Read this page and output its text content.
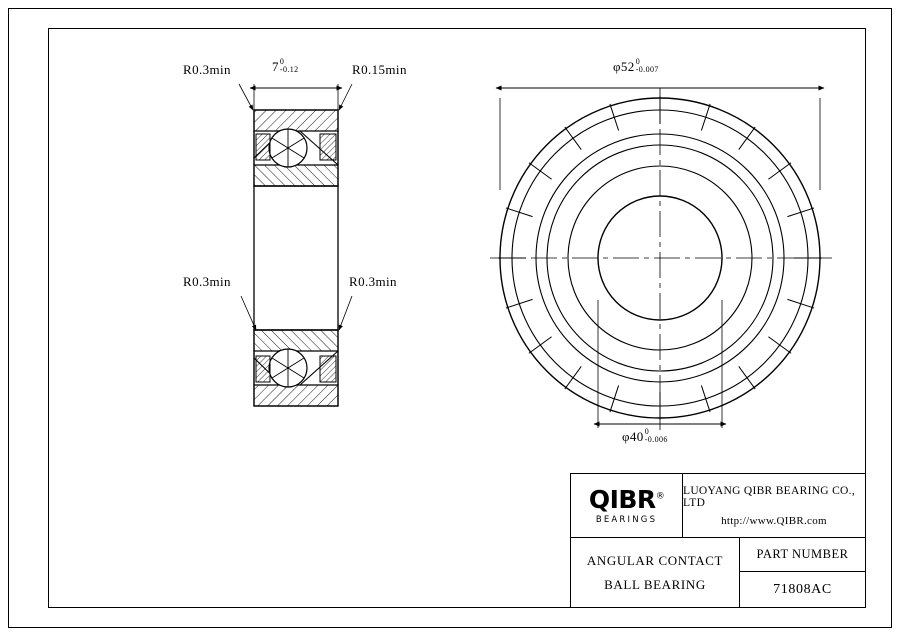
R0.3min	R0.15min
R0.3min	R0.3min
7 0
-0.12	φ52 0
-0.007
φ40 0
-0.006
QIBR®
BEARINGS
LUOYANG QIBR BEARING CO., LTD
http://www.QIBR.com
ANGULAR CONTACT
BALL BEARING
PART NUMBER
71808AC
